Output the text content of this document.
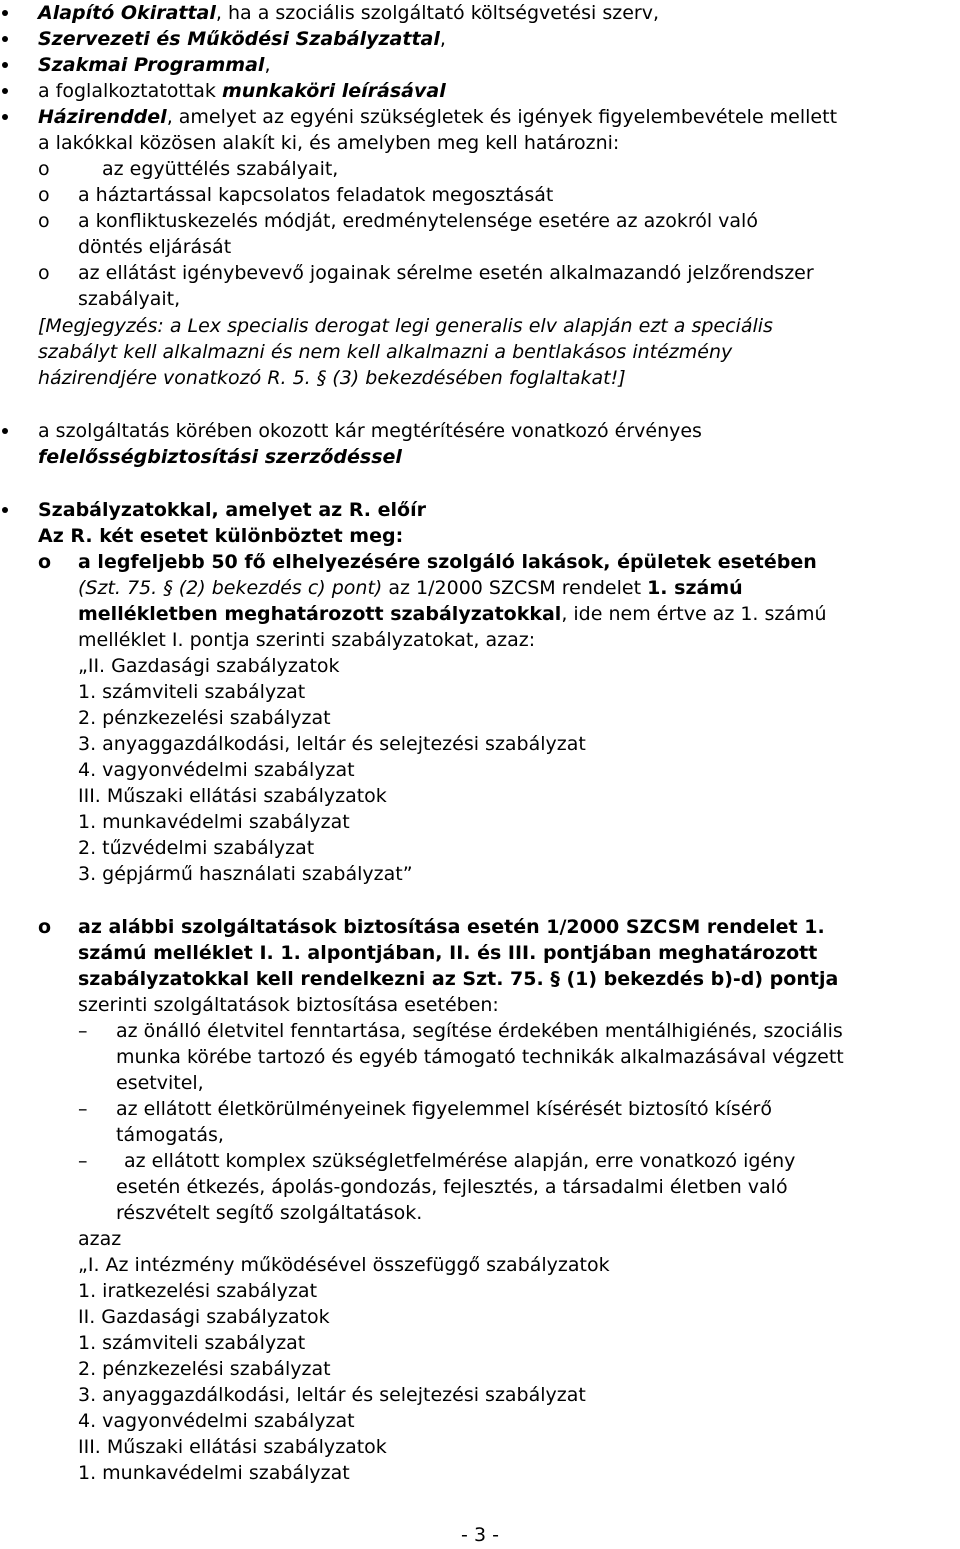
Alapító Okirattal, ha a szociális szolgáltató költségvetési szerv,
Szervezeti és Működési Szabályzattal,
Szakmai Programmal,
a foglalkoztatottak munkaköri leírásával
Házirenddel, amelyet az egyéni szükségletek és igények figyelembevétele mellett
a lakókkal közösen alakít ki, és amelyben meg kell határozni:
o	az együttélés szabályait,
o a háztartással kapcsolatos feladatok megosztását
o a konfliktuskezelés módját, eredménytelensége esetére az azokról való
döntés eljárását
o az ellátást igénybevevő jogainak sérelme esetén alkalmazandó jelzőrendszer
szabályait,
[Megjegyzés: a Lex specialis derogat legi generalis elv alapján ezt a speciális
szabályt kell alkalmazni és nem kell alkalmazni a bentlakásos intézmény
házirendjére vonatkozó R. 5. § (3) bekezdésében foglaltakat!]
a szolgáltatás körében okozott kár megtérítésére vonatkozó érvényes
felelősségbiztosítási szerződéssel
Szabályzatokkal, amelyet az R. előír
Az R. két esetet különböztet meg:
o a legfeljebb 50 fő elhelyezésére szolgáló lakások, épületek esetében
(Szt. 75. § (2) bekezdés c) pont) az 1/2000 SZCSM rendelet 1. számú
mellékletben meghatározott szabályzatokkal, ide nem értve az 1. számú
melléklet I. pontja szerinti szabályzatokat, azaz:
„II. Gazdasági szabályzatok
1. számviteli szabályzat
2. pénzkezelési szabályzat
3. anyaggazdálkodási, leltár és selejtezési szabályzat
4. vagyonvédelmi szabályzat
III. Műszaki ellátási szabályzatok
1. munkavédelmi szabályzat
2. tűzvédelmi szabályzat
3. gépjármű használati szabályzat”
o az alábbi szolgáltatások biztosítása esetén 1/2000 SZCSM rendelet 1.
számú melléklet I. 1. alpontjában, II. és III. pontjában meghatározott
szabályzatokkal kell rendelkezni az Szt. 75. § (1) bekezdés b)-d) pontja
szerinti szolgáltatások biztosítása esetében:
– az önálló életvitel fenntartása, segítése érdekében mentálhigiénés, szociális
munka körébe tartozó és egyéb támogató technikák alkalmazásával végzett
esetvitel,
– az ellátott életkörülményeinek figyelemmel kísérését biztosító kísérő
támogatás,
– az ellátott komplex szükségletfelmérése alapján, erre vonatkozó igény
esetén étkezés, ápolás-gondozás, fejlesztés, a társadalmi életben való
részvételt segítő szolgáltatások.
azaz
„I. Az intézmény működésével összefüggő szabályzatok
1. iratkezelési szabályzat
II. Gazdasági szabályzatok
1. számviteli szabályzat
2. pénzkezelési szabályzat
3. anyaggazdálkodási, leltár és selejtezési szabályzat
4. vagyonvédelmi szabályzat
III. Műszaki ellátási szabályzatok
1. munkavédelmi szabályzat
- 3 -
